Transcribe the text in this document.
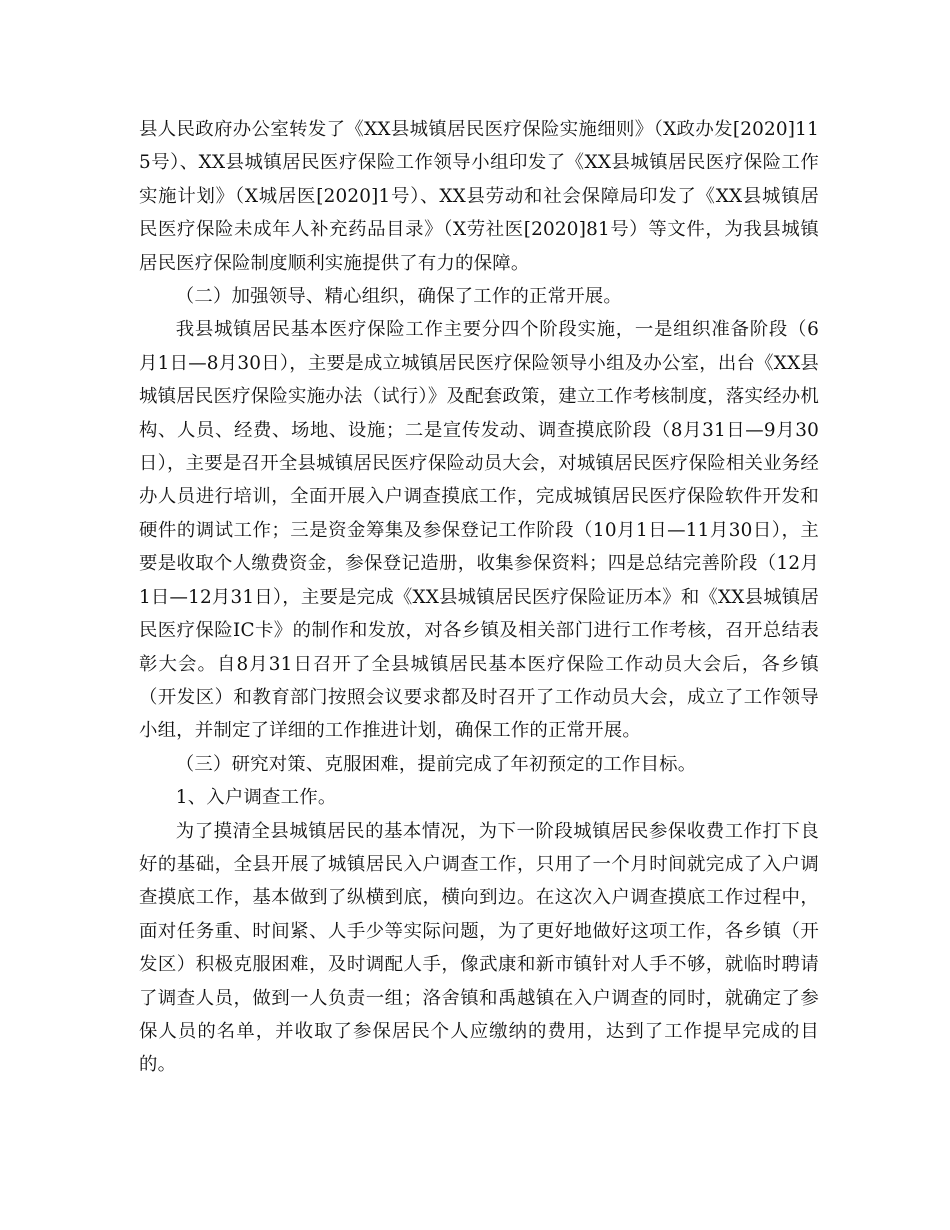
县人民政府办公室转发了《XX县城镇居民医疗保险实施细则》（X政办发[2020]115号）、XX县城镇居民医疗保险工作领导小组印发了《XX县城镇居民医疗保险工作实施计划》（X城居医[2020]1号）、XX县劳动和社会保障局印发了《XX县城镇居民医疗保险未成年人补充药品目录》（X劳社医[2020]81号）等文件，为我县城镇居民医疗保险制度顺利实施提供了有力的保障。

（二）加强领导、精心组织，确保了工作的正常开展。

我县城镇居民基本医疗保险工作主要分四个阶段实施，一是组织准备阶段（6月1日—8月30日），主要是成立城镇居民医疗保险领导小组及办公室，出台《XX县城镇居民医疗保险实施办法（试行）》及配套政策，建立工作考核制度，落实经办机构、人员、经费、场地、设施；二是宣传发动、调查摸底阶段（8月31日—9月30日），主要是召开全县城镇居民医疗保险动员大会，对城镇居民医疗保险相关业务经办人员进行培训，全面开展入户调查摸底工作，完成城镇居民医疗保险软件开发和硬件的调试工作；三是资金筹集及参保登记工作阶段（10月1日—11月30日），主要是收取个人缴费资金，参保登记造册，收集参保资料；四是总结完善阶段（12月1日—12月31日），主要是完成《XX县城镇居民医疗保险证历本》和《XX县城镇居民医疗保险IC卡》的制作和发放，对各乡镇及相关部门进行工作考核，召开总结表彰大会。自8月31日召开了全县城镇居民基本医疗保险工作动员大会后，各乡镇（开发区）和教育部门按照会议要求都及时召开了工作动员大会，成立了工作领导小组，并制定了详细的工作推进计划，确保工作的正常开展。

（三）研究对策、克服困难，提前完成了年初预定的工作目标。

1、入户调查工作。

为了摸清全县城镇居民的基本情况，为下一阶段城镇居民参保收费工作打下良好的基础，全县开展了城镇居民入户调查工作，只用了一个月时间就完成了入户调查摸底工作，基本做到了纵横到底，横向到边。在这次入户调查摸底工作过程中，面对任务重、时间紧、人手少等实际问题，为了更好地做好这项工作，各乡镇（开发区）积极克服困难，及时调配人手，像武康和新市镇针对人手不够，就临时聘请了调查人员，做到一人负责一组；洛舍镇和禹越镇在入户调查的同时，就确定了参保人员的名单，并收取了参保居民个人应缴纳的费用，达到了工作提早完成的目的。
